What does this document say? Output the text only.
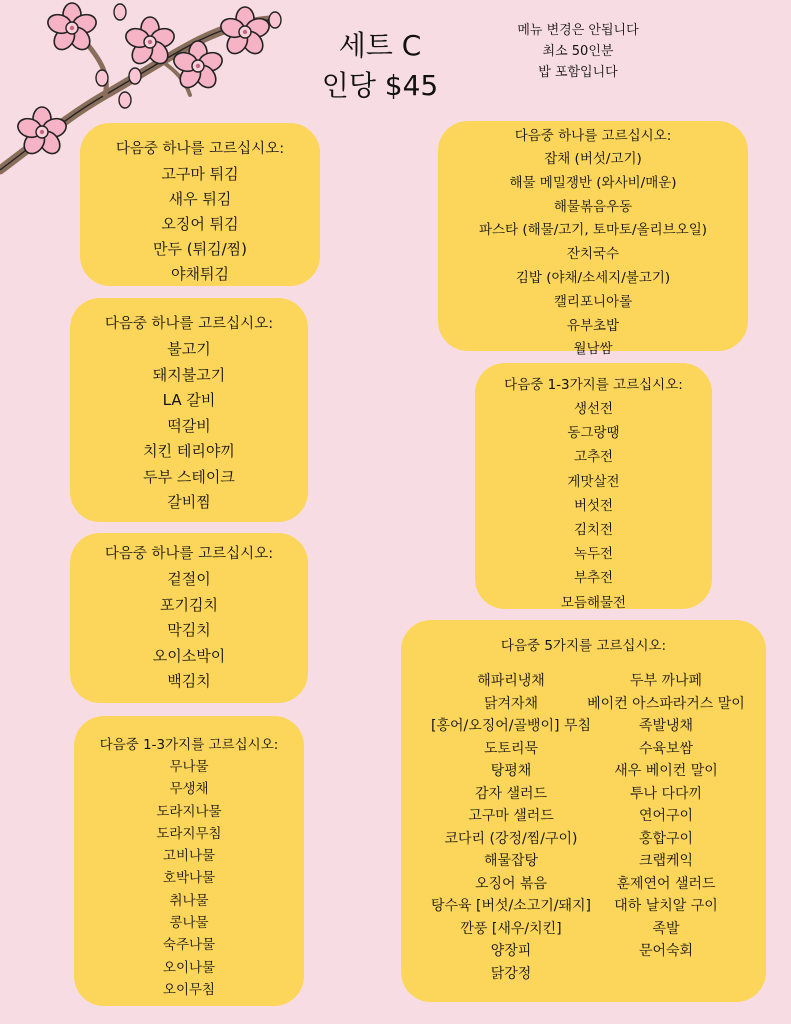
세트 C
인당 $45
메뉴 변경은 안됩니다
최소 50인분
밥 포함입니다
다음중 하나를 고르십시오:
고구마 튀김
새우 튀김
오징어 튀김
만두 (튀김/찜)
야채튀김
다음중 하나를 고르십시오:
불고기
돼지불고기
LA 갈비
떡갈비
치킨 테리야끼
두부 스테이크
갈비찜
다음중 하나를 고르십시오:
겉절이
포기김치
막김치
오이소박이
백김치
다음중 1-3가지를 고르십시오:
무나물
무생채
도라지나물
도라지무침
고비나물
호박나물
취나물
콩나물
숙주나물
오이나물
오이무침
다음중 하나를 고르십시오:
잡채 (버섯/고기)
해물 메밀쟁반 (와사비/매운)
해물볶음우동
파스타 (해물/고기, 토마토/올리브오일)
잔치국수
김밥 (야채/소세지/불고기)
캘리포니아롤
유부초밥
월남쌈
다음중 1-3가지를 고르십시오:
생선전
동그랑땡
고추전
게맛살전
버섯전
김치전
녹두전
부추전
모듬해물전
다음중 5가지를 고르십시오:
해파리냉채
닭겨자채
[홍어/오징어/골뱅이] 무침
도토리묵
탕평채
감자 샐러드
고구마 샐러드
코다리 (강정/찜/구이)
해물잡탕
오징어 볶음
탕수육 [버섯/소고기/돼지]
깐풍 [새우/치킨]
양장피
닭강정
두부 까나페
베이컨 아스파라거스 말이
족발냉채
수육보쌈
새우 베이컨 말이
투나 다다끼
연어구이
홍합구이
크랩케익
훈제연어 샐러드
대하 날치알 구이
족발
문어숙회
